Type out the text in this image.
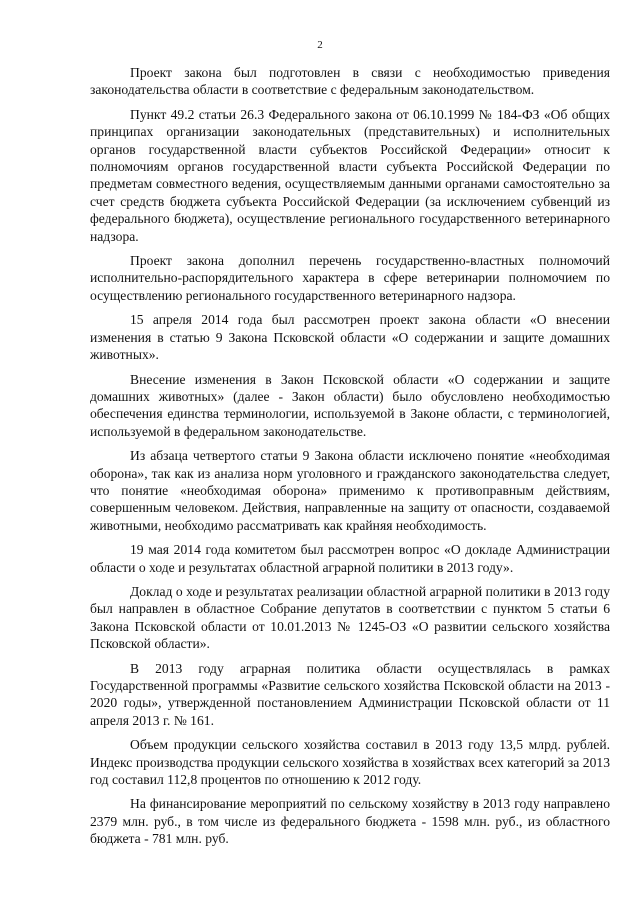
2

Проект закона был подготовлен в связи с необходимостью приведения законодательства области в соответствие с федеральным законодательством.

Пункт 49.2 статьи 26.3 Федерального закона от 06.10.1999 № 184-ФЗ «Об общих принципах организации законодательных (представительных) и исполнительных органов государственной власти субъектов Российской Федерации» относит к полномочиям органов государственной власти субъекта Российской Федерации по предметам совместного ведения, осуществляемым данными органами самостоятельно за счет средств бюджета субъекта Российской Федерации (за исключением субвенций из федерального бюджета), осуществление регионального государственного ветеринарного надзора.

Проект закона дополнил перечень государственно-властных полномочий исполнительно-распорядительного характера в сфере ветеринарии полномочием по осуществлению регионального государственного ветеринарного надзора.

15 апреля 2014 года был рассмотрен проект закона области «О внесении изменения в статью 9 Закона Псковской области «О содержании и защите домашних животных».

Внесение изменения в Закон Псковской области «О содержании и защите домашних животных» (далее - Закон области) было обусловлено необходимостью обеспечения единства терминологии, используемой в Законе области, с терминологией, используемой в федеральном законодательстве.

Из абзаца четвертого статьи 9 Закона области исключено понятие «необходимая оборона», так как из анализа норм уголовного и гражданского законодательства следует, что понятие «необходимая оборона» применимо к противоправным действиям, совершенным человеком. Действия, направленные на защиту от опасности, создаваемой животными, необходимо рассматривать как крайняя необходимость.

19 мая 2014 года комитетом был рассмотрен вопрос «О докладе Администрации области о ходе и результатах областной аграрной политики в 2013 году».

Доклад о ходе и результатах реализации областной аграрной политики в 2013 году был направлен в областное Собрание депутатов в соответствии с пунктом 5 статьи 6 Закона Псковской области от 10.01.2013 № 1245-ОЗ «О развитии сельского хозяйства Псковской области».

В 2013 году аграрная политика области осуществлялась в рамках Государственной программы «Развитие сельского хозяйства Псковской области на 2013 - 2020 годы», утвержденной постановлением Администрации Псковской области от 11 апреля 2013 г. № 161.

Объем продукции сельского хозяйства составил в 2013 году 13,5 млрд. рублей. Индекс производства продукции сельского хозяйства в хозяйствах всех категорий за 2013 год составил 112,8 процентов по отношению к 2012 году.

На финансирование мероприятий по сельскому хозяйству в 2013 году направлено 2379 млн. руб., в том числе из федерального бюджета - 1598 млн. руб., из областного бюджета - 781 млн. руб.
